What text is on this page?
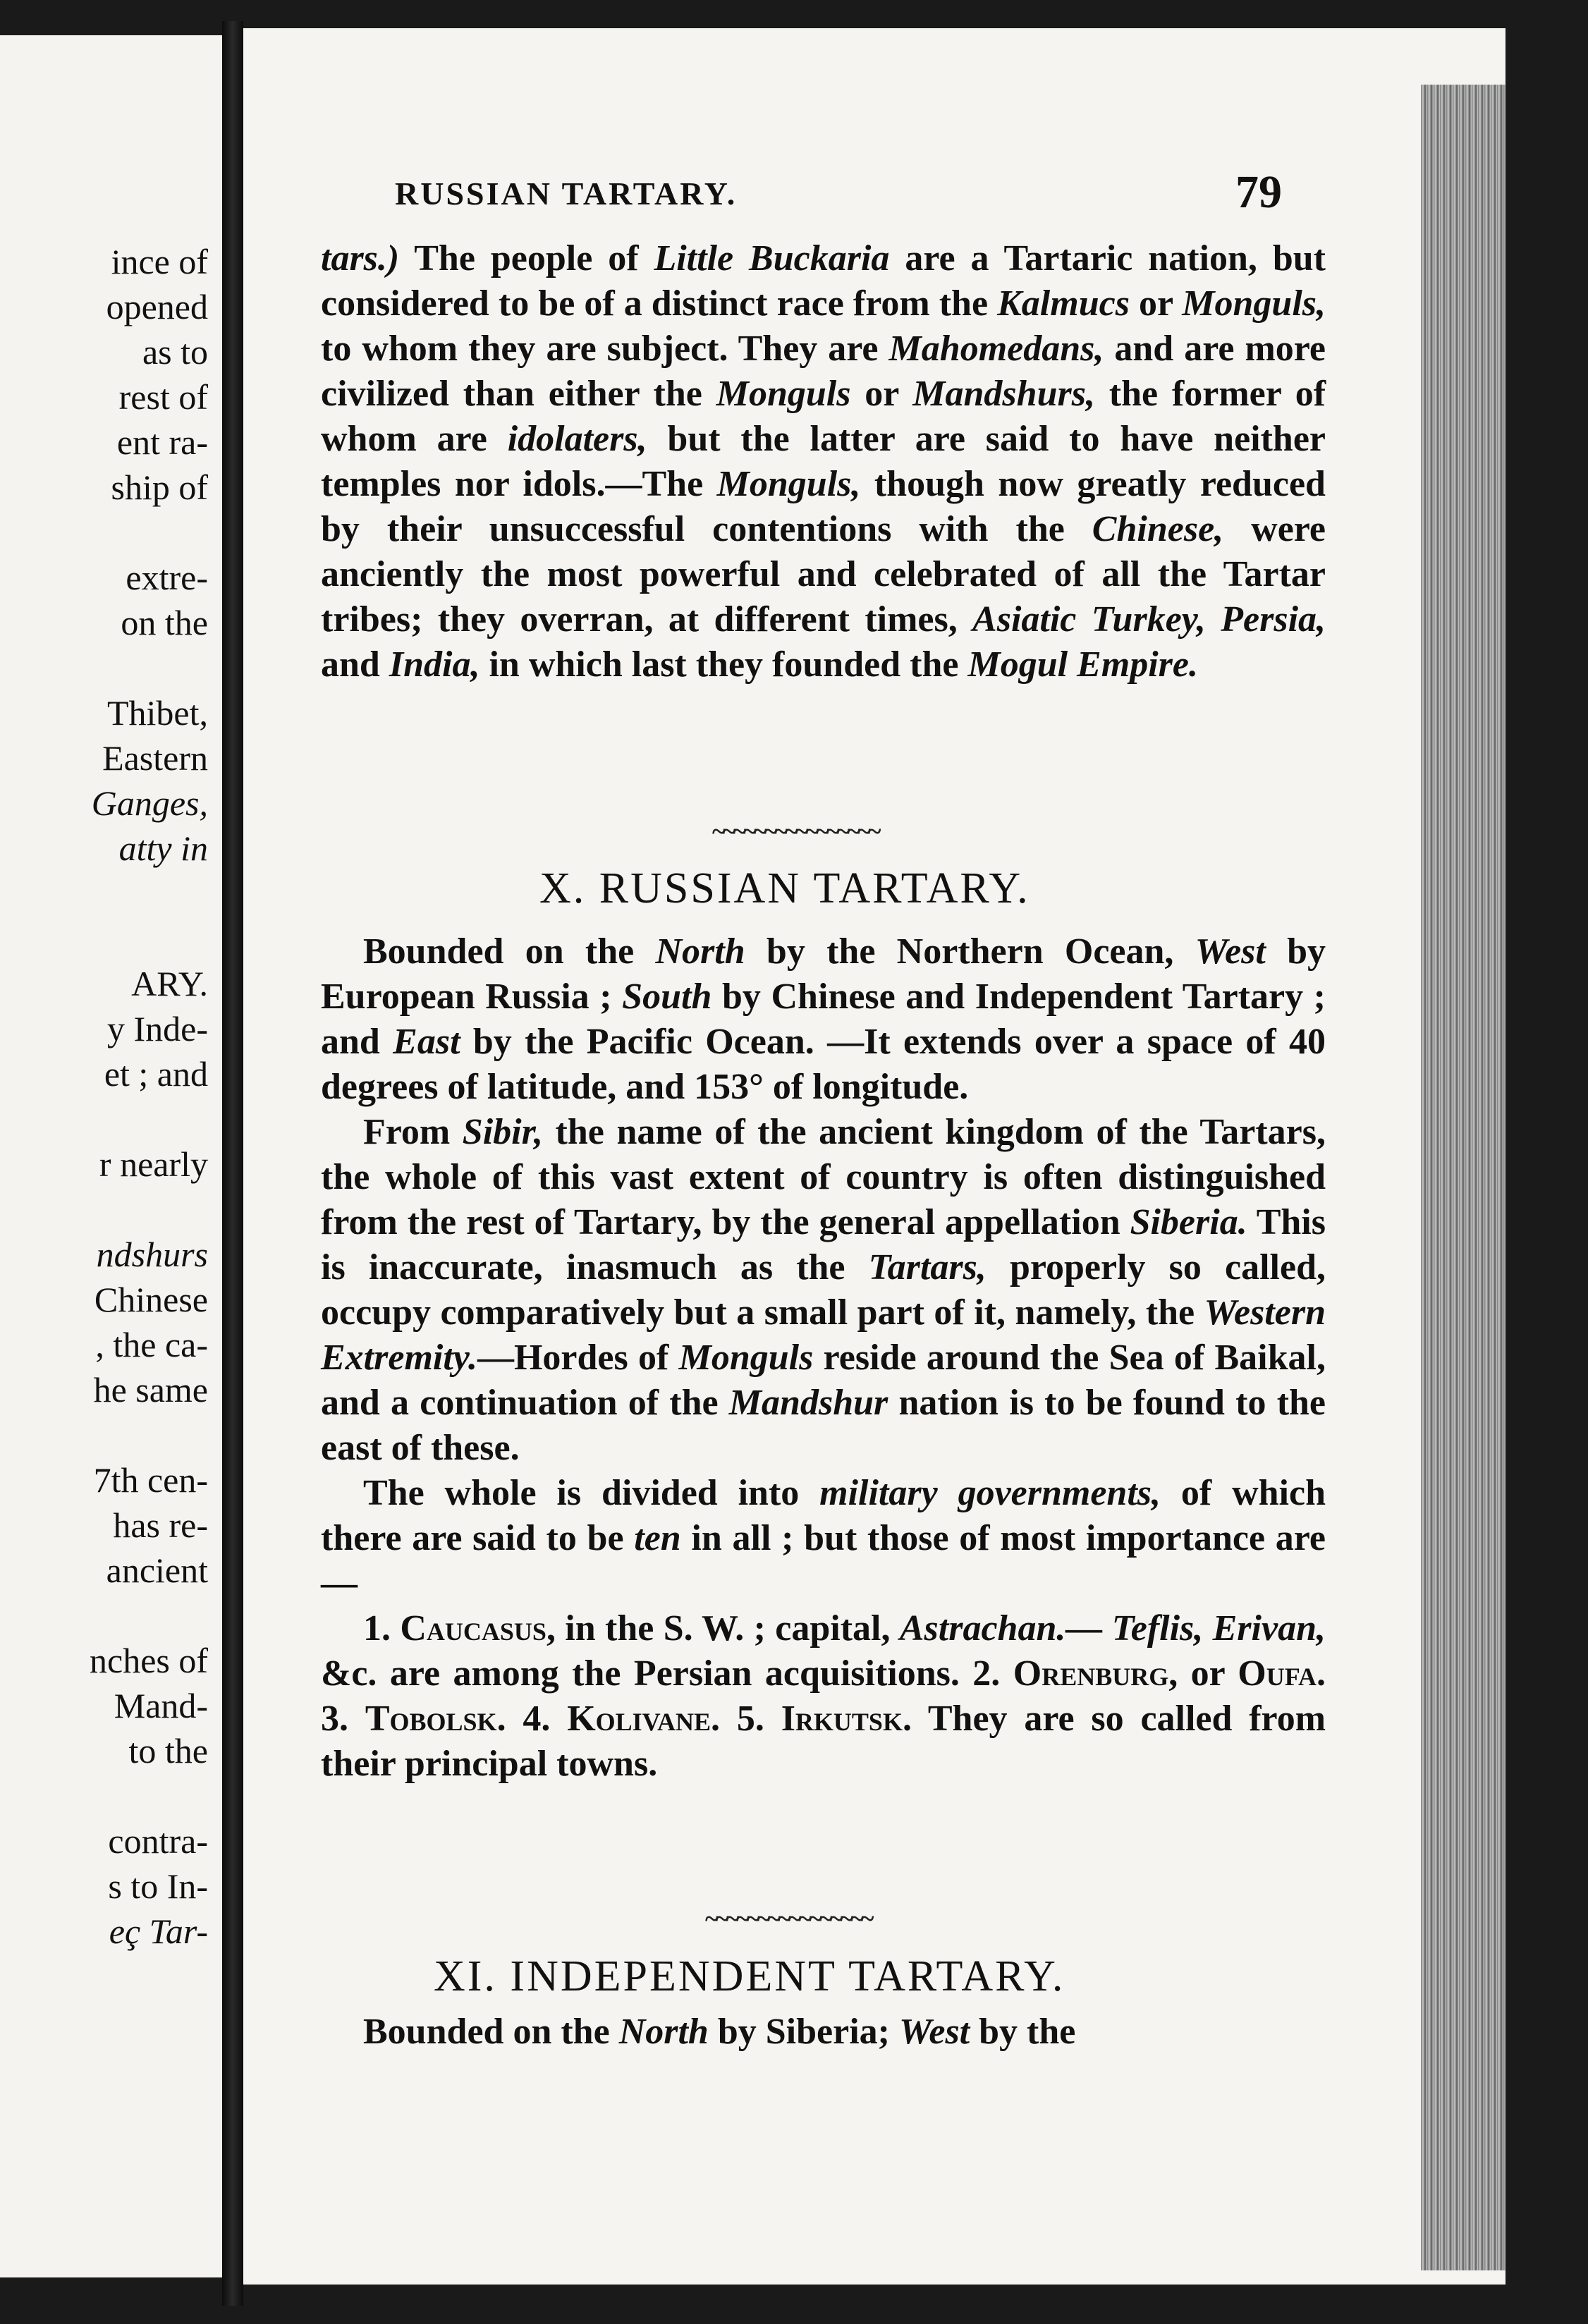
ince of
opened
as to
rest of
ent ra-
ship of
extre-
on the
Thibet,
Eastern
Ganges,
atty in
ARY.
y Inde-
et ; and
r nearly
ndshurs
Chinese
, the ca-
he same
7th cen-
has re-
ancient
nches of
Mand-
to the
contra-
s to In-
eç Tar-
RUSSIAN TARTARY.	79

tars.) The people of Little Buckaria are a Tartaric nation, but considered to be of a distinct race from the Kalmucs or Monguls, to whom they are subject. They are Mahomedans, and are more civilized than either the Monguls or Mandshurs, the former of whom are idolaters, but the latter are said to have neither temples nor idols.—The Monguls, though now greatly reduced by their unsuccessful contentions with the Chinese, were anciently the most powerful and celebrated of all the Tartar tribes; they overran, at different times, Asiatic Turkey, Persia, and India, in which last they founded the Mogul Empire.

~~~~~~~~~~~~~~~~
X. RUSSIAN TARTARY.

Bounded on the North by the Northern Ocean, West by European Russia ; South by Chinese and Independent Tartary ; and East by the Pacific Ocean. —It extends over a space of 40 degrees of latitude, and 153° of longitude.

From Sibir, the name of the ancient kingdom of the Tartars, the whole of this vast extent of country is often distinguished from the rest of Tartary, by the general appellation Siberia. This is inaccurate, inasmuch as the Tartars, properly so called, occupy comparatively but a small part of it, namely, the Western Extremity.—Hordes of Monguls reside around the Sea of Baikal, and a continuation of the Mandshur nation is to be found to the east of these.

The whole is divided into military governments, of which there are said to be ten in all ; but those of most importance are—

1. Caucasus, in the S. W. ; capital, Astrachan.— Teflis, Erivan, &c. are among the Persian acquisitions. 2. Orenburg, or Oufa. 3. Tobolsk. 4. Kolivane. 5. Irkutsk. They are so called from their principal towns.

~~~~~~~~~~~~~~~~
XI. INDEPENDENT TARTARY.

Bounded on the North by Siberia; West by the
